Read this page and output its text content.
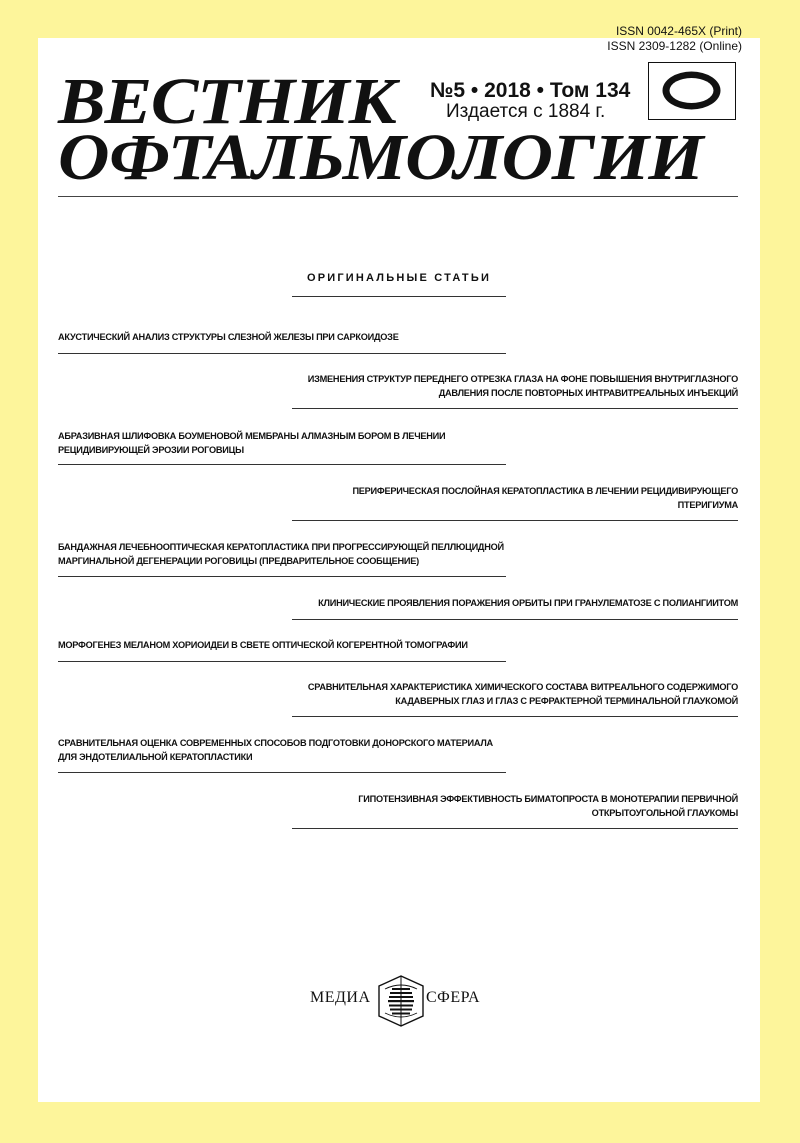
ISSN 0042-465X (Print)
ISSN 2309-1282 (Online)
ВЕСТНИК
ОФТАЛЬМОЛОГИИ
№5 • 2018 • Том 134
Издается с 1884 г.
ОРИГИНАЛЬНЫЕ СТАТЬИ
АКУСТИЧЕСКИЙ АНАЛИЗ СТРУКТУРЫ СЛЕЗНОЙ ЖЕЛЕЗЫ ПРИ САРКОИДОЗЕ
ИЗМЕНЕНИЯ СТРУКТУР ПЕРЕДНЕГО ОТРЕЗКА ГЛАЗА НА ФОНЕ ПОВЫШЕНИЯ ВНУТРИГЛАЗНОГО ДАВЛЕНИЯ ПОСЛЕ ПОВТОРНЫХ ИНТРАВИТРЕАЛЬНЫХ ИНЪЕКЦИЙ
АБРАЗИВНАЯ ШЛИФОВКА БОУМЕНОВОЙ МЕМБРАНЫ АЛМАЗНЫМ БОРОМ В ЛЕЧЕНИИ РЕЦИДИВИРУЮЩЕЙ ЭРОЗИИ РОГОВИЦЫ
ПЕРИФЕРИЧЕСКАЯ ПОСЛОЙНАЯ КЕРАТОПЛАСТИКА В ЛЕЧЕНИИ РЕЦИДИВИРУЮЩЕГО ПТЕРИГИУМА
БАНДАЖНАЯ ЛЕЧЕБНООПТИЧЕСКАЯ КЕРАТОПЛАСТИКА ПРИ ПРОГРЕССИРУЮЩЕЙ ПЕЛЛЮЦИДНОЙ МАРГИНАЛЬНОЙ ДЕГЕНЕРАЦИИ РОГОВИЦЫ (ПРЕДВАРИТЕЛЬНОЕ СООБЩЕНИЕ)
КЛИНИЧЕСКИЕ ПРОЯВЛЕНИЯ ПОРАЖЕНИЯ ОРБИТЫ ПРИ ГРАНУЛЕМАТОЗЕ С ПОЛИАНГИИТОМ
МОРФОГЕНЕЗ МЕЛАНОМ ХОРИОИДЕИ В СВЕТЕ ОПТИЧЕСКОЙ КОГЕРЕНТНОЙ ТОМОГРАФИИ
СРАВНИТЕЛЬНАЯ ХАРАКТЕРИСТИКА ХИМИЧЕСКОГО СОСТАВА ВИТРЕАЛЬНОГО СОДЕРЖИМОГО КАДАВЕРНЫХ ГЛАЗ И ГЛАЗ С РЕФРАКТЕРНОЙ ТЕРМИНАЛЬНОЙ ГЛАУКОМОЙ
СРАВНИТЕЛЬНАЯ ОЦЕНКА СОВРЕМЕННЫХ СПОСОБОВ ПОДГОТОВКИ ДОНОРСКОГО МАТЕРИАЛА ДЛЯ ЭНДОТЕЛИАЛЬНОЙ КЕРАТОПЛАСТИКИ
ГИПОТЕНЗИВНАЯ ЭФФЕКТИВНОСТЬ БИМАТОПРОСТА В МОНОТЕРАПИИ ПЕРВИЧНОЙ ОТКРЫТОУГОЛЬНОЙ ГЛАУКОМЫ
МЕДИА	СФЕРА
